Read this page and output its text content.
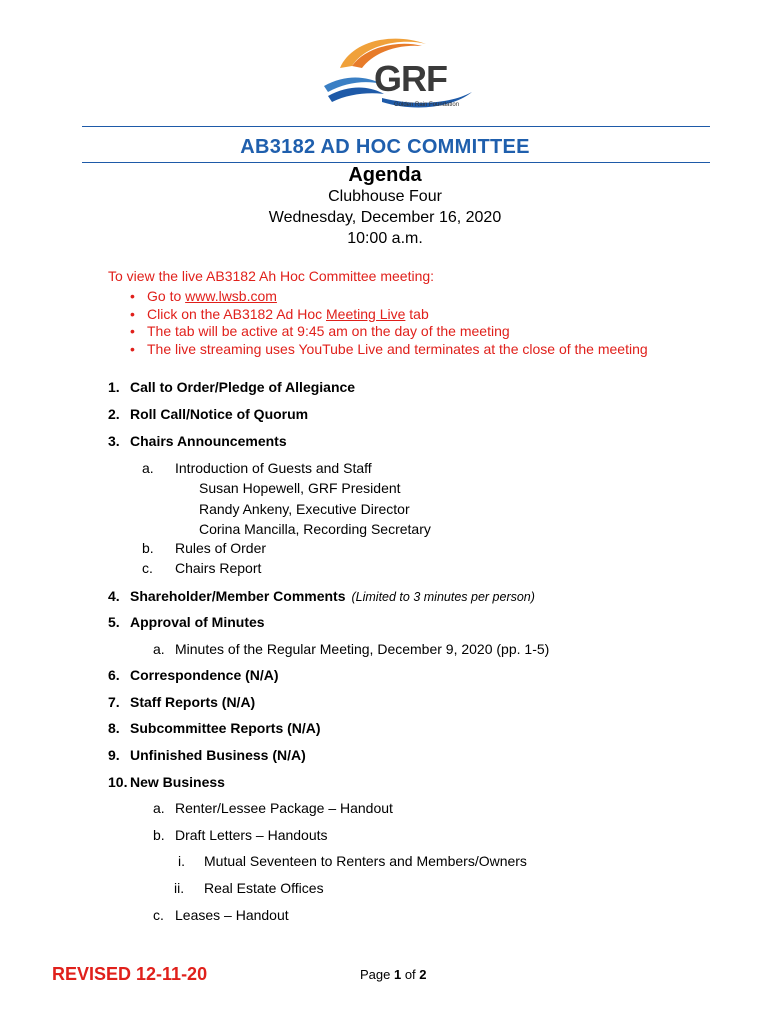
GRF
Golden Rain Foundation
AB3182 AD HOC COMMITTEE
Agenda
Clubhouse Four
Wednesday, December 16, 2020
10:00 a.m.
To view the live AB3182 Ah Hoc Committee meeting:
• Go to www.lwsb.com
• Click on the AB3182 Ad Hoc Meeting Live tab
• The tab will be active at 9:45 am on the day of the meeting
• The live streaming uses YouTube Live and terminates at the close of the meeting
1. Call to Order/Pledge of Allegiance
2. Roll Call/Notice of Quorum
3. Chairs Announcements
a. Introduction of Guests and Staff
Susan Hopewell, GRF President
Randy Ankeny, Executive Director
Corina Mancilla, Recording Secretary
b. Rules of Order
c. Chairs Report
4. Shareholder/Member Comments (Limited to 3 minutes per person)
5. Approval of Minutes
a. Minutes of the Regular Meeting, December 9, 2020 (pp. 1-5)
6. Correspondence (N/A)
7. Staff Reports (N/A)
8. Subcommittee Reports (N/A)
9. Unfinished Business (N/A)
10. New Business
a. Renter/Lessee Package – Handout
b. Draft Letters – Handouts
i. Mutual Seventeen to Renters and Members/Owners
ii. Real Estate Offices
c. Leases – Handout
REVISED 12-11-20	Page 1 of 2
